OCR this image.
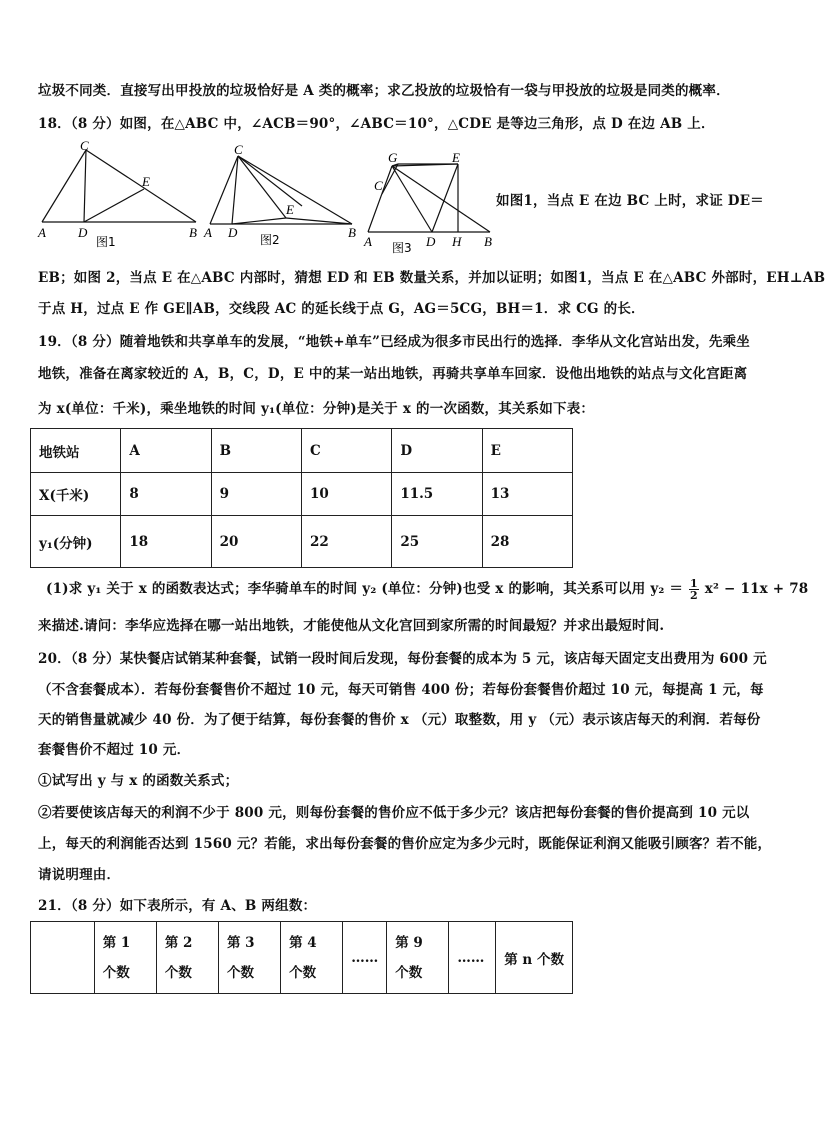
垃圾不同类．直接写出甲投放的垃圾恰好是 A 类的概率；求乙投放的垃圾恰有一袋与甲投放的垃圾是同类的概率．
18．（8 分）如图，在△ABC 中，∠ACB＝90°，∠ABC＝10°，△CDE 是等边三角形，点 D 在边 AB 上．
C
E
A D	B
图1
C
E
A D	B
图2
G	E
C
A	D H B
图3
如图1，当点 E 在边 BC 上时，求证 DE＝
EB；如图 2，当点 E 在△ABC 内部时，猜想 ED 和 EB 数量关系，并加以证明；如图1，当点 E 在△ABC 外部时，EH⊥AB
于点 H，过点 E 作 GE∥AB，交线段 AC 的延长线于点 G，AG＝5CG，BH＝1．求 CG 的长．
19．（8 分）随着地铁和共享单车的发展，“地铁+单车”已经成为很多市民出行的选择．李华从文化宫站出发，先乘坐
地铁，准备在离家较近的 A，B，C，D，E 中的某一站出地铁，再骑共享单车回家．设他出地铁的站点与文化宫距离
为 x(单位：千米)，乘坐地铁的时间 y₁(单位：分钟)是关于 x 的一次函数，其关系如下表：
地铁站	A	B	C	D	E
X(千米)	8	9	10	11.5	13
y₁(分钟)	18	20	22	25	28
(1)求 y₁ 关于 x 的函数表达式；李华骑单车的时间 y₂ (单位：分钟)也受 x 的影响，其关系可以用 $y_2 = \frac{1}{2} x^2 - 11x + 78$
来描述.请问：李华应选择在哪一站出地铁，才能使他从文化宫回到家所需的时间最短？并求出最短时间.
20．（8 分）某快餐店试销某种套餐，试销一段时间后发现，每份套餐的成本为 5 元，该店每天固定支出费用为 600 元
（不含套餐成本）．若每份套餐售价不超过 10 元，每天可销售 400 份；若每份套餐售价超过 10 元，每提高 1 元，每
天的销售量就减少 40 份．为了便于结算，每份套餐的售价 x （元）取整数，用 y （元）表示该店每天的利润．若每份
套餐售价不超过 10 元．
①试写出 y 与 x 的函数关系式；
②若要使该店每天的利润不少于 800 元，则每份套餐的售价应不低于多少元？该店把每份套餐的售价提高到 10 元以
上，每天的利润能否达到 1560 元？若能，求出每份套餐的售价应定为多少元时，既能保证利润又能吸引顾客？若不能，
请说明理由．
21．（8 分）如下表所示，有 A、B 两组数：
	第 1 个数	第 2 个数	第 3 个数	第 4 个数	……	第 9 个数	……	第 n 个数
